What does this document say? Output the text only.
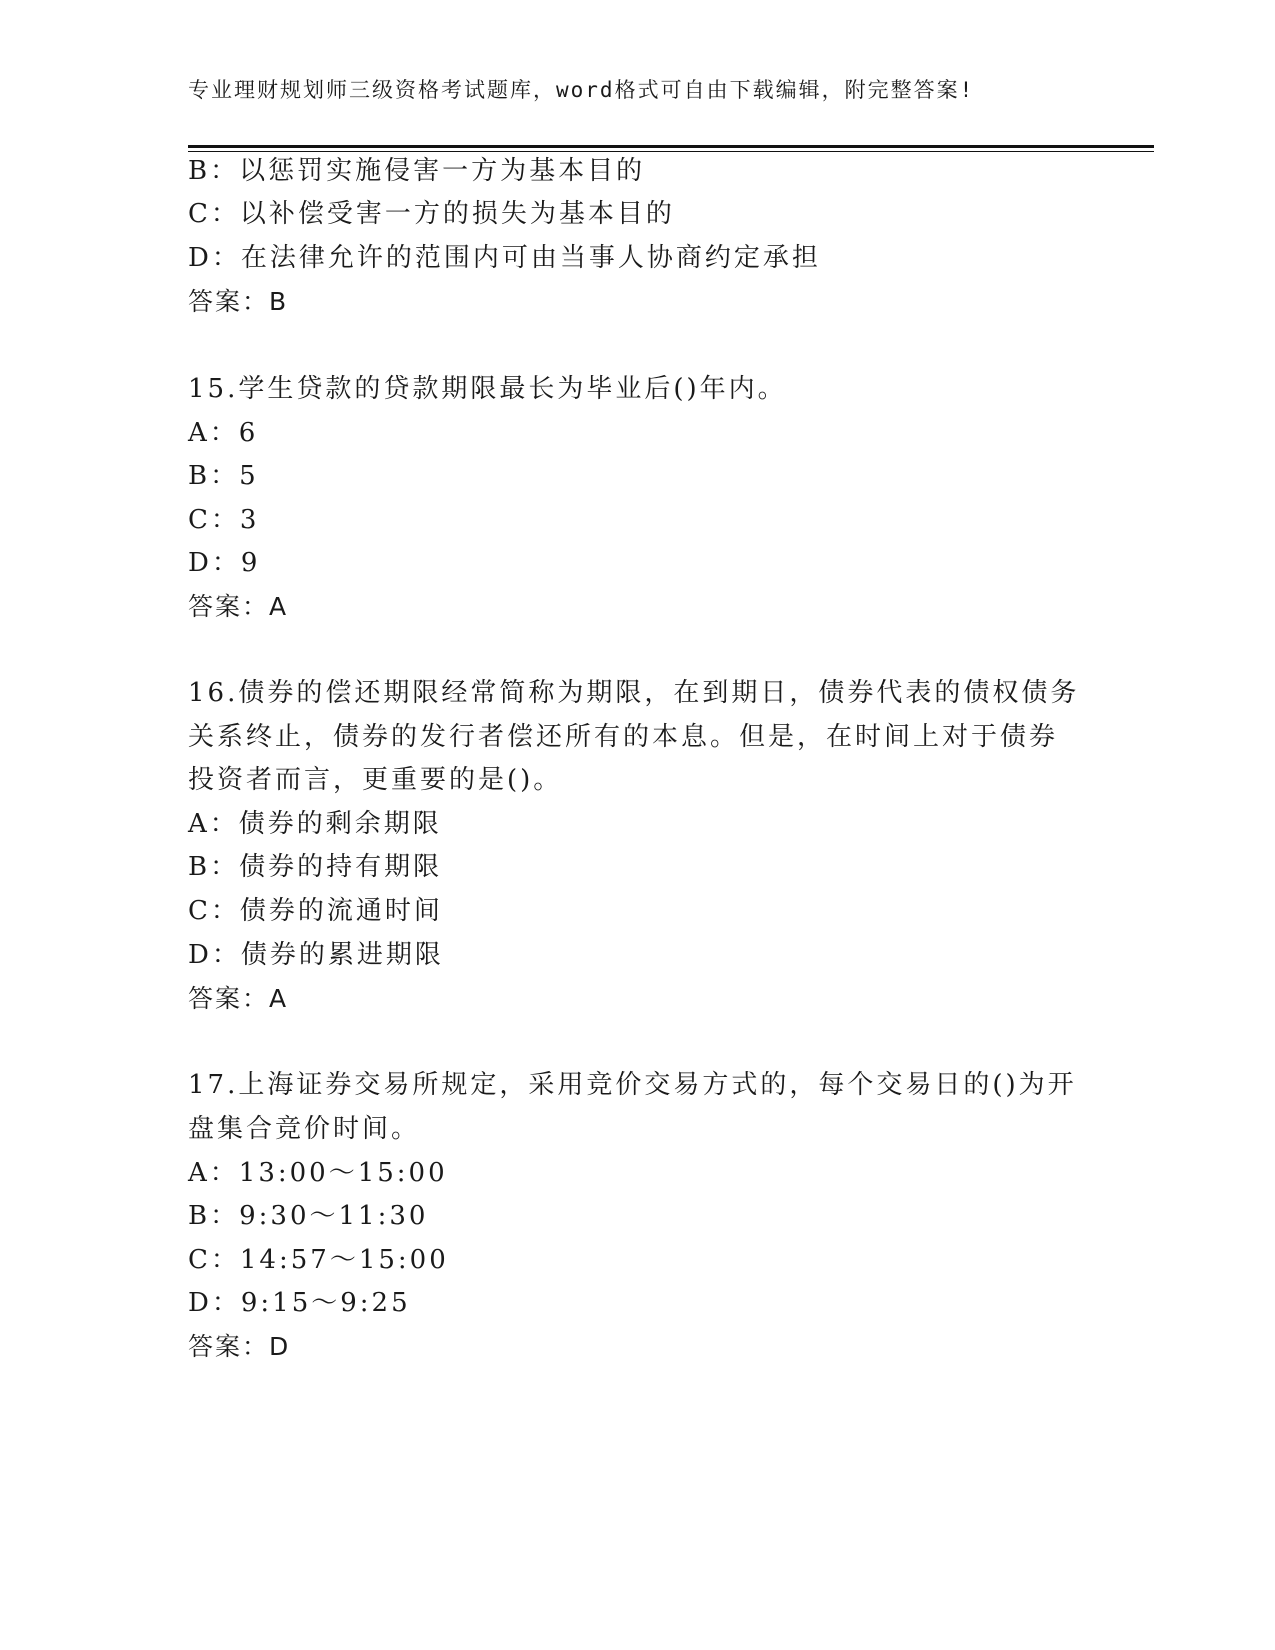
专业理财规划师三级资格考试题库，word格式可自由下载编辑，附完整答案!
B：以惩罚实施侵害一方为基本目的
C：以补偿受害一方的损失为基本目的
D：在法律允许的范围内可由当事人协商约定承担
答案：B
15.学生贷款的贷款期限最长为毕业后()年内。
A：6
B：5
C：3
D：9
答案：A
16.债券的偿还期限经常简称为期限，在到期日，债券代表的债权债务
关系终止，债券的发行者偿还所有的本息。但是，在时间上对于债券
投资者而言，更重要的是()。
A：债券的剩余期限
B：债券的持有期限
C：债券的流通时间
D：债券的累进期限
答案：A
17.上海证券交易所规定，采用竞价交易方式的，每个交易日的()为开
盘集合竞价时间。
A：13:00～15:00
B：9:30～11:30
C：14:57～15:00
D：9:15～9:25
答案：D
